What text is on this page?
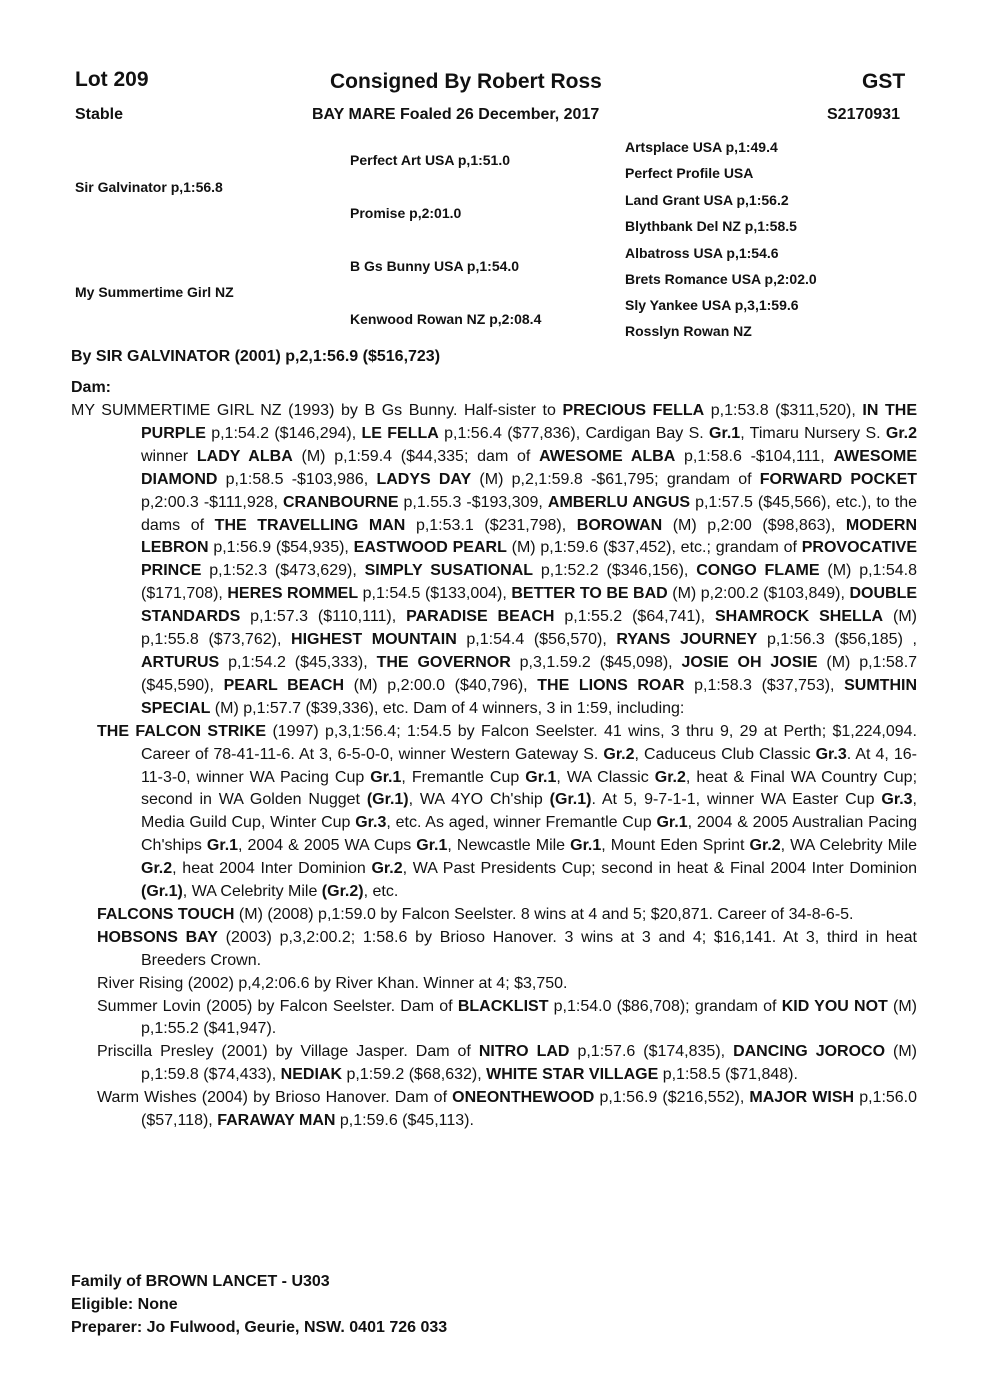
Lot 209	Consigned By Robert Ross	GST
Stable	BAY MARE Foaled 26 December, 2017	S2170931
Sir Galvinator p,1:56.8
My Summertime Girl NZ
Perfect Art USA p,1:51.0
Promise p,2:01.0
B Gs Bunny USA p,1:54.0
Kenwood Rowan NZ p,2:08.4
Artsplace USA p,1:49.4
Perfect Profile USA
Land Grant USA p,1:56.2
Blythbank Del NZ p,1:58.5
Albatross USA p,1:54.6
Brets Romance USA p,2:02.0
Sly Yankee USA p,3,1:59.6
Rosslyn Rowan NZ
By SIR GALVINATOR (2001) p,2,1:56.9 ($516,723)
Dam:

MY SUMMERTIME GIRL NZ (1993) by B Gs Bunny. Half-sister to PRECIOUS FELLA p,1:53.8 ($311,520), IN THE PURPLE p,1:54.2 ($146,294), LE FELLA p,1:56.4 ($77,836), Cardigan Bay S. Gr.1, Timaru Nursery S. Gr.2 winner LADY ALBA (M) p,1:59.4 ($44,335; dam of AWESOME ALBA p,1:58.6 -$104,111, AWESOME DIAMOND p,1:58.5 -$103,986, LADYS DAY (M) p,2,1:59.8 -$61,795; grandam of FORWARD POCKET p,2:00.3 -$111,928, CRANBOURNE p,1.55.3 -$193,309, AMBERLU ANGUS p,1:57.5 ($45,566), etc.), to the dams of THE TRAVELLING MAN p,1:53.1 ($231,798), BOROWAN (M) p,2:00 ($98,863), MODERN LEBRON p,1:56.9 ($54,935), EASTWOOD PEARL (M) p,1:59.6 ($37,452), etc.; grandam of PROVOCATIVE PRINCE p,1:52.3 ($473,629), SIMPLY SUSATIONAL p,1:52.2 ($346,156), CONGO FLAME (M) p,1:54.8 ($171,708), HERES ROMMEL p,1:54.5 ($133,004), BETTER TO BE BAD (M) p,2:00.2 ($103,849), DOUBLE STANDARDS p,1:57.3 ($110,111), PARADISE BEACH p,1:55.2 ($64,741), SHAMROCK SHELLA (M) p,1:55.8 ($73,762), HIGHEST MOUNTAIN p,1:54.4 ($56,570), RYANS JOURNEY p,1:56.3 ($56,185) , ARTURUS p,1:54.2 ($45,333), THE GOVERNOR p,3,1.59.2 ($45,098), JOSIE OH JOSIE (M) p,1:58.7 ($45,590), PEARL BEACH (M) p,2:00.0 ($40,796), THE LIONS ROAR p,1:58.3 ($37,753), SUMTHIN SPECIAL (M) p,1:57.7 ($39,336), etc. Dam of 4 winners, 3 in 1:59, including:

THE FALCON STRIKE (1997) p,3,1:56.4; 1:54.5 by Falcon Seelster. 41 wins, 3 thru 9, 29 at Perth; $1,224,094. Career of 78-41-11-6. At 3, 6-5-0-0, winner Western Gateway S. Gr.2, Caduceus Club Classic Gr.3. At 4, 16-11-3-0, winner WA Pacing Cup Gr.1, Fremantle Cup Gr.1, WA Classic Gr.2, heat & Final WA Country Cup; second in WA Golden Nugget (Gr.1), WA 4YO Ch'ship (Gr.1). At 5, 9-7-1-1, winner WA Easter Cup Gr.3, Media Guild Cup, Winter Cup Gr.3, etc. As aged, winner Fremantle Cup Gr.1, 2004 & 2005 Australian Pacing Ch'ships Gr.1, 2004 & 2005 WA Cups Gr.1, Newcastle Mile Gr.1, Mount Eden Sprint Gr.2, WA Celebrity Mile Gr.2, heat 2004 Inter Dominion Gr.2, WA Past Presidents Cup; second in heat & Final 2004 Inter Dominion (Gr.1), WA Celebrity Mile (Gr.2), etc.

FALCONS TOUCH (M) (2008) p,1:59.0 by Falcon Seelster. 8 wins at 4 and 5; $20,871. Career of 34-8-6-5.

HOBSONS BAY (2003) p,3,2:00.2; 1:58.6 by Brioso Hanover. 3 wins at 3 and 4; $16,141. At 3, third in heat Breeders Crown.

River Rising (2002) p,4,2:06.6 by River Khan. Winner at 4; $3,750.

Summer Lovin (2005) by Falcon Seelster. Dam of BLACKLIST p,1:54.0 ($86,708); grandam of KID YOU NOT (M) p,1:55.2 ($41,947).

Priscilla Presley (2001) by Village Jasper. Dam of NITRO LAD p,1:57.6 ($174,835), DANCING JOROCO (M) p,1:59.8 ($74,433), NEDIAK p,1:59.2 ($68,632), WHITE STAR VILLAGE p,1:58.5 ($71,848).

Warm Wishes (2004) by Brioso Hanover. Dam of ONEONTHEWOOD p,1:56.9 ($216,552), MAJOR WISH p,1:56.0 ($57,118), FARAWAY MAN p,1:59.6 ($45,113).

Family of BROWN LANCET - U303
Eligible: None
Preparer: Jo Fulwood, Geurie, NSW. 0401 726 033
